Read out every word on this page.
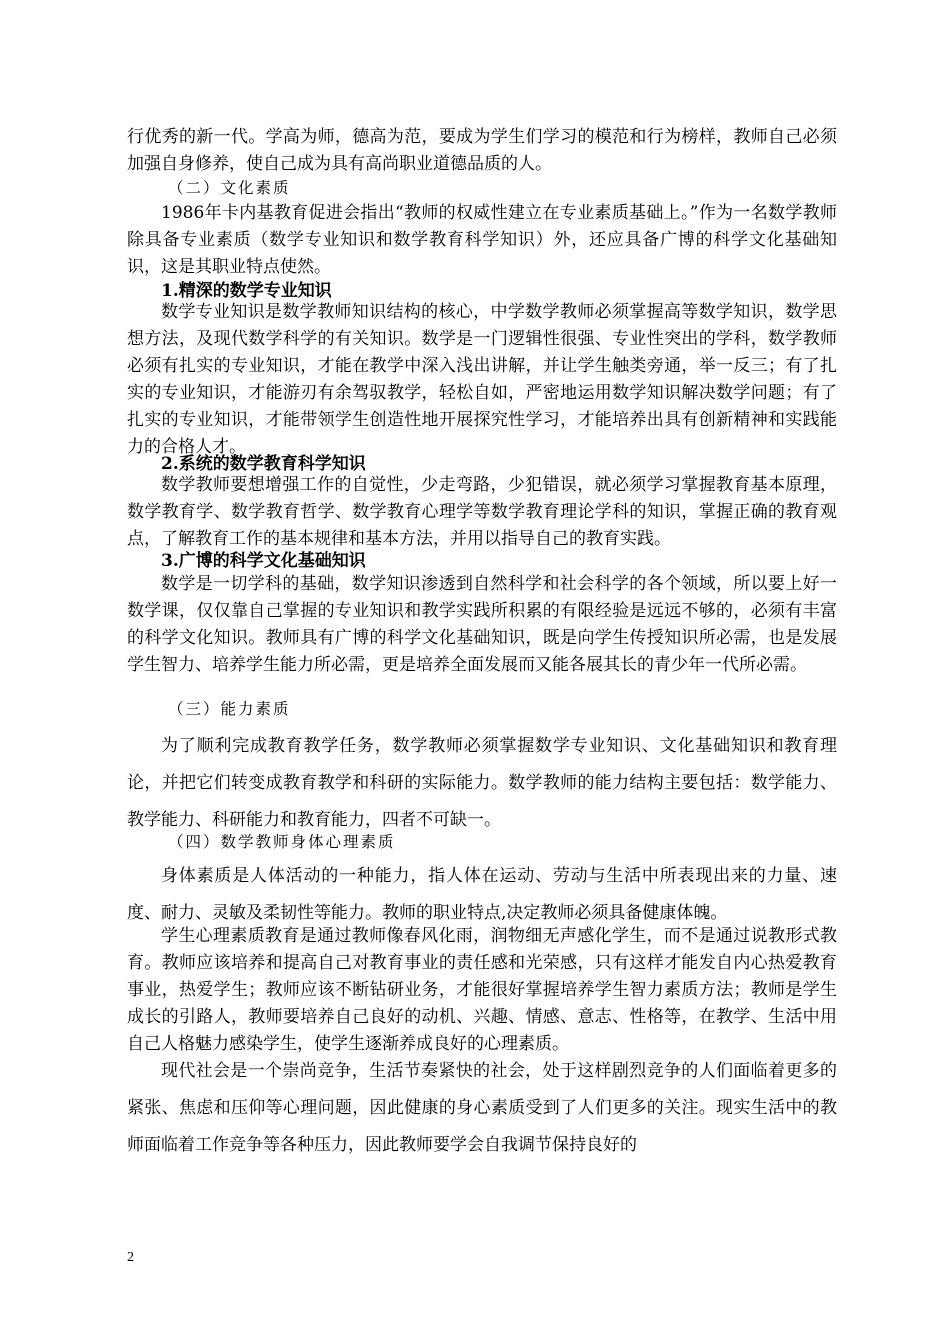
行优秀的新一代。学高为师，德高为范，要成为学生们学习的模范和行为榜样，教师自己必须加强自身修养，使自己成为具有高尚职业道德品质的人。

（二）文化素质

1986年卡内基教育促进会指出“教师的权威性建立在专业素质基础上。”作为一名数学教师除具备专业素质（数学专业知识和数学教育科学知识）外，还应具备广博的科学文化基础知识，这是其职业特点使然。

1.精深的数学专业知识

数学专业知识是数学教师知识结构的核心，中学数学教师必须掌握高等数学知识，数学思想方法，及现代数学科学的有关知识。数学是一门逻辑性很强、专业性突出的学科，数学教师必须有扎实的专业知识，才能在教学中深入浅出讲解，并让学生触类旁通，举一反三；有了扎实的专业知识，才能游刃有余驾驭教学，轻松自如，严密地运用数学知识解决数学问题；有了扎实的专业知识，才能带领学生创造性地开展探究性学习，才能培养出具有创新精神和实践能力的合格人才。

2.系统的数学教育科学知识

数学教师要想增强工作的自觉性，少走弯路，少犯错误，就必须学习掌握教育基本原理，数学教育学、数学教育哲学、数学教育心理学等数学教育理论学科的知识，掌握正确的教育观点，了解教育工作的基本规律和基本方法，并用以指导自己的教育实践。

3.广博的科学文化基础知识

数学是一切学科的基础，数学知识渗透到自然科学和社会科学的各个领域，所以要上好一数学课，仅仅靠自己掌握的专业知识和教学实践所积累的有限经验是远远不够的，必须有丰富的科学文化知识。教师具有广博的科学文化基础知识，既是向学生传授知识所必需，也是发展学生智力、培养学生能力所必需，更是培养全面发展而又能各展其长的青少年一代所必需。

（三）能力素质

为了顺利完成教育教学任务，数学教师必须掌握数学专业知识、文化基础知识和教育理论，并把它们转变成教育教学和科研的实际能力。数学教师的能力结构主要包括：数学能力、教学能力、科研能力和教育能力，四者不可缺一。

（四）数学教师身体心理素质

身体素质是人体活动的一种能力，指人体在运动、劳动与生活中所表现出来的力量、速度、耐力、灵敏及柔韧性等能力。教师的职业特点,决定教师必须具备健康体魄。

学生心理素质教育是通过教师像春风化雨，润物细无声感化学生，而不是通过说教形式教育。教师应该培养和提高自己对教育事业的责任感和光荣感，只有这样才能发自内心热爱教育事业，热爱学生；教师应该不断钻研业务，才能很好掌握培养学生智力素质方法；教师是学生成长的引路人，教师要培养自己良好的动机、兴趣、情感、意志、性格等，在教学、生活中用自己人格魅力感染学生，使学生逐渐养成良好的心理素质。

现代社会是一个崇尚竞争，生活节奏紧快的社会，处于这样剧烈竞争的人们面临着更多的紧张、焦虑和压仰等心理问题，因此健康的身心素质受到了人们更多的关注。现实生活中的教师面临着工作竞争等各种压力，因此教师要学会自我调节保持良好的

2
